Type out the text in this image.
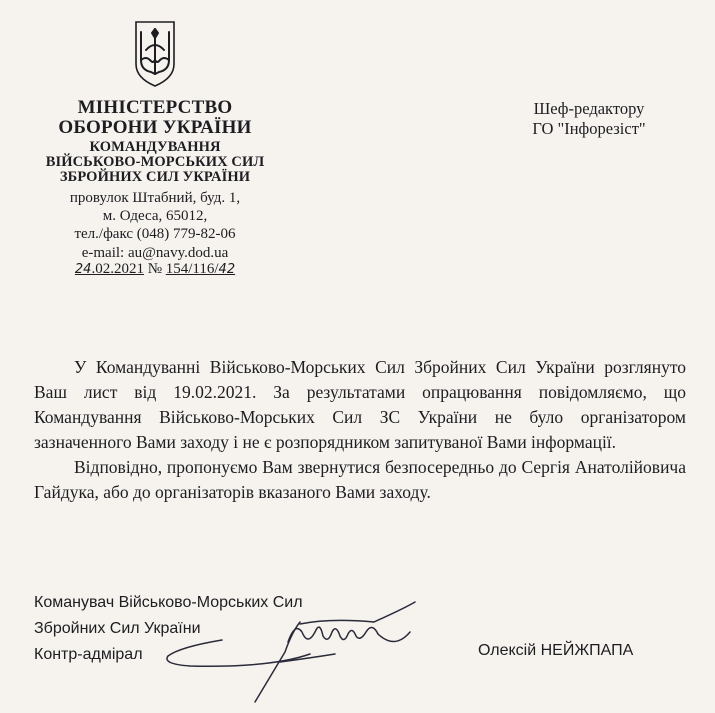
МІНІСТЕРСТВО
ОБОРОНИ УКРАЇНИ
КОМАНДУВАННЯ
ВІЙСЬКОВО-МОРСЬКИХ СИЛ
ЗБРОЙНИХ СИЛ УКРАЇНИ
провулок Штабний, буд. 1,
м. Одеса, 65012,
тел./факс (048) 779-82-06
e-mail: au@navy.dod.ua
24.02.2021 № 154/116/42
Шеф-редактору
ГО "Інфорезіст"

У Командуванні Військово-Морських Сил Збройних Сил України розглянуто Ваш лист від 19.02.2021. За результатами опрацювання повідомляємо, що Командування Військово-Морських Сил ЗС України не було організатором зазначенного Вами заходу і не є розпорядником запитуваної Вами інформації.

Відповідно, пропонуємо Вам звернутися безпосередньо до Сергія Анатолійовича Гайдука, або до організаторів вказаного Вами заходу.

Команувач Військово-Морських Сил
Збройних Сил України
Контр-адмірал	Олексій НЕЙЖПАПА
